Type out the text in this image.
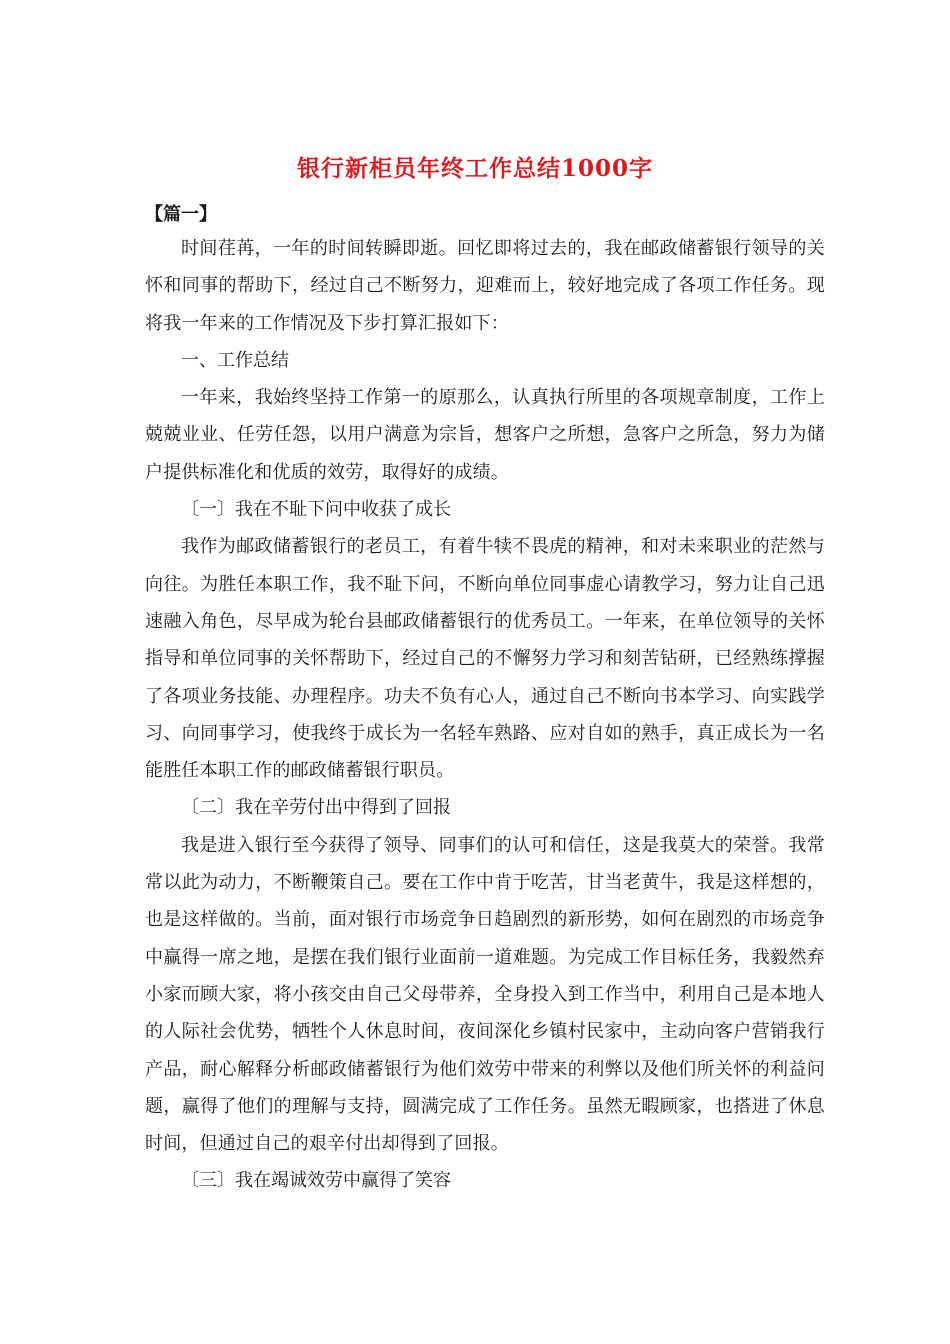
银行新柜员年终工作总结1000字
【篇一】

时间荏苒，一年的时间转瞬即逝。回忆即将过去的，我在邮政储蓄银行领导的关怀和同事的帮助下，经过自己不断努力，迎难而上，较好地完成了各项工作任务。现将我一年来的工作情况及下步打算汇报如下：

一、工作总结

一年来，我始终坚持工作第一的原那么，认真执行所里的各项规章制度，工作上兢兢业业、任劳任怨，以用户满意为宗旨，想客户之所想，急客户之所急，努力为储户提供标准化和优质的效劳，取得好的成绩。

〔一〕我在不耻下问中收获了成长

我作为邮政储蓄银行的老员工，有着牛犊不畏虎的精神，和对未来职业的茫然与向往。为胜任本职工作，我不耻下问，不断向单位同事虚心请教学习，努力让自己迅速融入角色，尽早成为轮台县邮政储蓄银行的优秀员工。一年来，在单位领导的关怀指导和单位同事的关怀帮助下，经过自己的不懈努力学习和刻苦钻研，已经熟练撑握了各项业务技能、办理程序。功夫不负有心人，通过自己不断向书本学习、向实践学习、向同事学习，使我终于成长为一名轻车熟路、应对自如的熟手，真正成长为一名能胜任本职工作的邮政储蓄银行职员。

〔二〕我在辛劳付出中得到了回报

我是进入银行至今获得了领导、同事们的认可和信任，这是我莫大的荣誉。我常常以此为动力，不断鞭策自己。要在工作中肯于吃苦，甘当老黄牛，我是这样想的，也是这样做的。当前，面对银行市场竞争日趋剧烈的新形势，如何在剧烈的市场竞争中赢得一席之地，是摆在我们银行业面前一道难题。为完成工作目标任务，我毅然弃小家而顾大家，将小孩交由自己父母带养，全身投入到工作当中，利用自己是本地人的人际社会优势，牺牲个人休息时间，夜间深化乡镇村民家中，主动向客户营销我行产品，耐心解释分析邮政储蓄银行为他们效劳中带来的利弊以及他们所关怀的利益问题，赢得了他们的理解与支持，圆满完成了工作任务。虽然无暇顾家，也搭进了休息时间，但通过自己的艰辛付出却得到了回报。

〔三〕我在竭诚效劳中赢得了笑容
